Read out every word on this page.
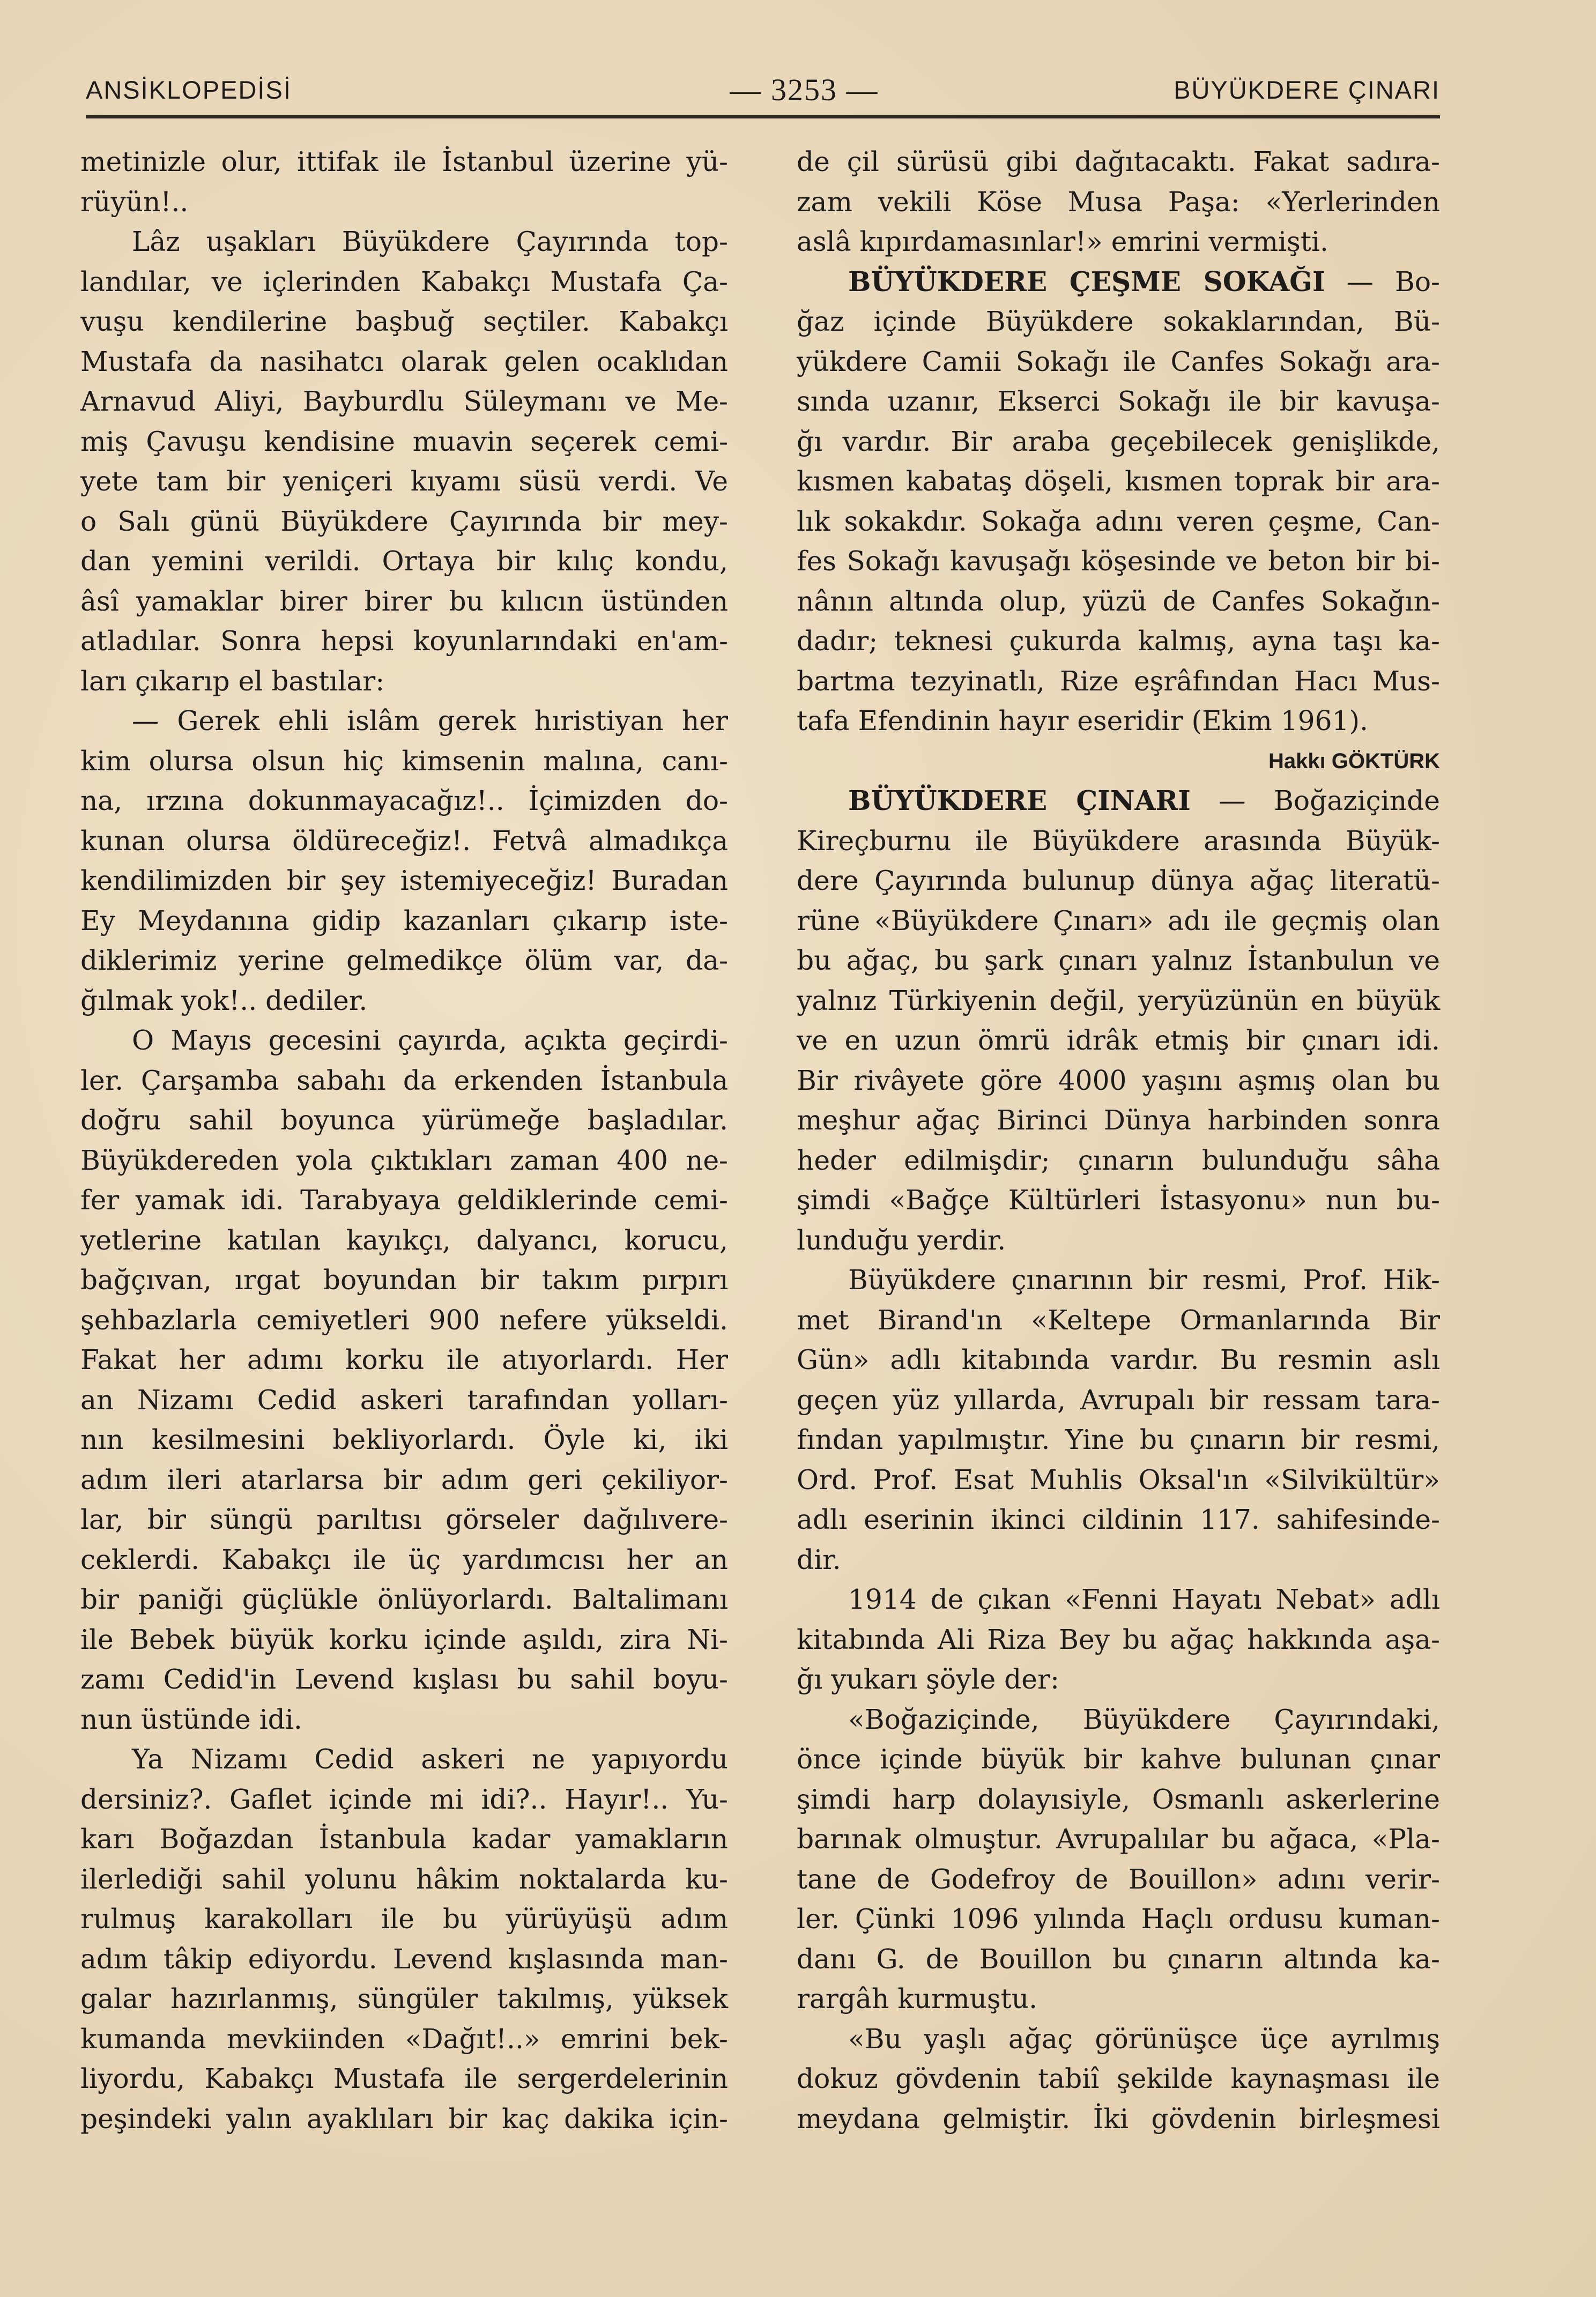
ANSİKLOPEDİSİ	— 3253 —	BÜYÜKDERE ÇINARI
metinizle olur, ittifak ile İstanbul üzerine yü-
rüyün!..
Lâz uşakları Büyükdere Çayırında top-
landılar, ve içlerinden Kabakçı Mustafa Ça-
vuşu kendilerine başbuğ seçtiler. Kabakçı
Mustafa da nasihatcı olarak gelen ocaklıdan
Arnavud Aliyi, Bayburdlu Süleymanı ve Me-
miş Çavuşu kendisine muavin seçerek cemi-
yete tam bir yeniçeri kıyamı süsü verdi. Ve
o Salı günü Büyükdere Çayırında bir mey-
dan yemini verildi. Ortaya bir kılıç kondu,
âsî yamaklar birer birer bu kılıcın üstünden
atladılar. Sonra hepsi koyunlarındaki en'am-
ları çıkarıp el bastılar:
— Gerek ehli islâm gerek hıristiyan her
kim olursa olsun hiç kimsenin malına, canı-
na, ırzına dokunmayacağız!.. İçimizden do-
kunan olursa öldüreceğiz!. Fetvâ almadıkça
kendilimizden bir şey istemiyeceğiz! Buradan
Ey Meydanına gidip kazanları çıkarıp iste-
diklerimiz yerine gelmedikçe ölüm var, da-
ğılmak yok!.. dediler.
O Mayıs gecesini çayırda, açıkta geçirdi-
ler. Çarşamba sabahı da erkenden İstanbula
doğru sahil boyunca yürümeğe başladılar.
Büyükdereden yola çıktıkları zaman 400 ne-
fer yamak idi. Tarabyaya geldiklerinde cemi-
yetlerine katılan kayıkçı, dalyancı, korucu,
bağçıvan, ırgat boyundan bir takım pırpırı
şehbazlarla cemiyetleri 900 nefere yükseldi.
Fakat her adımı korku ile atıyorlardı. Her
an Nizamı Cedid askeri tarafından yolları-
nın kesilmesini bekliyorlardı. Öyle ki, iki
adım ileri atarlarsa bir adım geri çekiliyor-
lar, bir süngü parıltısı görseler dağılıvere-
ceklerdi. Kabakçı ile üç yardımcısı her an
bir paniği güçlükle önlüyorlardı. Baltalimanı
ile Bebek büyük korku içinde aşıldı, zira Ni-
zamı Cedid'in Levend kışlası bu sahil boyu-
nun üstünde idi.
Ya Nizamı Cedid askeri ne yapıyordu
dersiniz?. Gaflet içinde mi idi?.. Hayır!.. Yu-
karı Boğazdan İstanbula kadar yamakların
ilerlediği sahil yolunu hâkim noktalarda ku-
rulmuş karakolları ile bu yürüyüşü adım
adım tâkip ediyordu. Levend kışlasında man-
galar hazırlanmış, süngüler takılmış, yüksek
kumanda mevkiinden «Dağıt!..» emrini bek-
liyordu, Kabakçı Mustafa ile sergerdelerinin
peşindeki yalın ayaklıları bir kaç dakika için-
de çil sürüsü gibi dağıtacaktı. Fakat sadıra-
zam vekili Köse Musa Paşa: «Yerlerinden
aslâ kıpırdamasınlar!» emrini vermişti.
BÜYÜKDERE ÇEŞME SOKAĞI — Bo-
ğaz içinde Büyükdere sokaklarından, Bü-
yükdere Camii Sokağı ile Canfes Sokağı ara-
sında uzanır, Ekserci Sokağı ile bir kavuşa-
ğı vardır. Bir araba geçebilecek genişlikde,
kısmen kabataş döşeli, kısmen toprak bir ara-
lık sokakdır. Sokağa adını veren çeşme, Can-
fes Sokağı kavuşağı köşesinde ve beton bir bi-
nânın altında olup, yüzü de Canfes Sokağın-
dadır; teknesi çukurda kalmış, ayna taşı ka-
bartma tezyinatlı, Rize eşrâfından Hacı Mus-
tafa Efendinin hayır eseridir (Ekim 1961).
Hakkı GÖKTÜRK
BÜYÜKDERE ÇINARI — Boğaziçinde
Kireçburnu ile Büyükdere arasında Büyük-
dere Çayırında bulunup dünya ağaç literatü-
rüne «Büyükdere Çınarı» adı ile geçmiş olan
bu ağaç, bu şark çınarı yalnız İstanbulun ve
yalnız Türkiyenin değil, yeryüzünün en büyük
ve en uzun ömrü idrâk etmiş bir çınarı idi.
Bir rivâyete göre 4000 yaşını aşmış olan bu
meşhur ağaç Birinci Dünya harbinden sonra
heder edilmişdir; çınarın bulunduğu sâha
şimdi «Bağçe Kültürleri İstasyonu» nun bu-
lunduğu yerdir.
Büyükdere çınarının bir resmi, Prof. Hik-
met Birand'ın «Keltepe Ormanlarında Bir
Gün» adlı kitabında vardır. Bu resmin aslı
geçen yüz yıllarda, Avrupalı bir ressam tara-
fından yapılmıştır. Yine bu çınarın bir resmi,
Ord. Prof. Esat Muhlis Oksal'ın «Silvikültür»
adlı eserinin ikinci cildinin 117. sahifesinde-
dir.
1914 de çıkan «Fenni Hayatı Nebat» adlı
kitabında Ali Riza Bey bu ağaç hakkında aşa-
ğı yukarı şöyle der:
«Boğaziçinde, Büyükdere Çayırındaki,
önce içinde büyük bir kahve bulunan çınar
şimdi harp dolayısiyle, Osmanlı askerlerine
barınak olmuştur. Avrupalılar bu ağaca, «Pla-
tane de Godefroy de Bouillon» adını verir-
ler. Çünki 1096 yılında Haçlı ordusu kuman-
danı G. de Bouillon bu çınarın altında ka-
rargâh kurmuştu.
«Bu yaşlı ağaç görünüşce üçe ayrılmış
dokuz gövdenin tabiî şekilde kaynaşması ile
meydana gelmiştir. İki gövdenin birleşmesi
